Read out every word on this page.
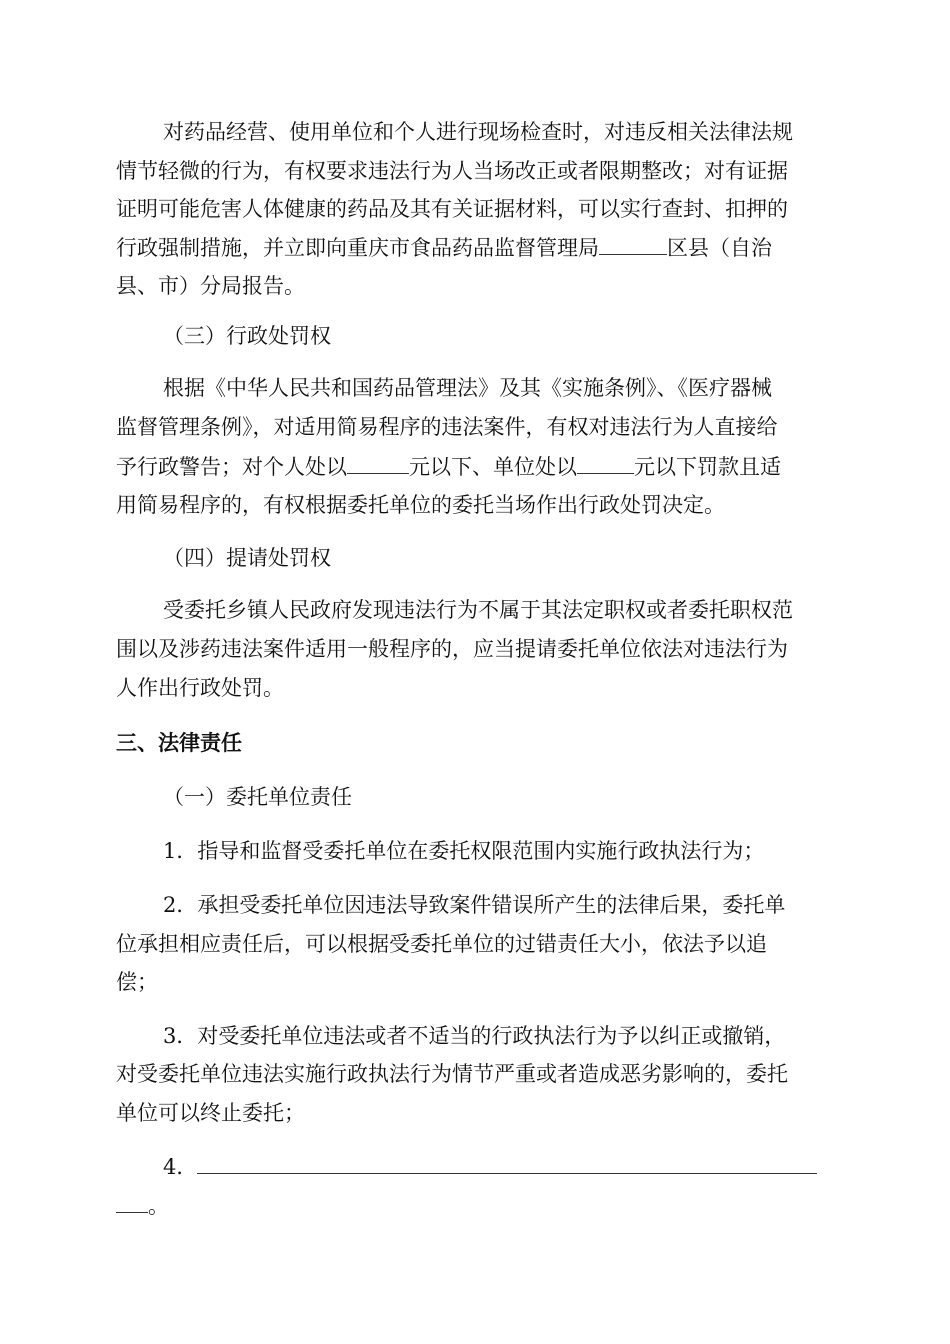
对药品经营、使用单位和个人进行现场检查时，对违反相关法律法规
情节轻微的行为，有权要求违法行为人当场改正或者限期整改；对有证据
证明可能危害人体健康的药品及其有关证据材料，可以实行查封、扣押的
行政强制措施，并立即向重庆市食品药品监督管理局	区县（自治
县、市）分局报告。
（三）行政处罚权
根据《中华人民共和国药品管理法》及其《实施条例》、《医疗器械
监督管理条例》，对适用简易程序的违法案件，有权对违法行为人直接给
予行政警告；对个人处以	元以下、单位处以	元以下罚款且适
用简易程序的，有权根据委托单位的委托当场作出行政处罚决定。
（四）提请处罚权
受委托乡镇人民政府发现违法行为不属于其法定职权或者委托职权范
围以及涉药违法案件适用一般程序的，应当提请委托单位依法对违法行为
人作出行政处罚。
三、法律责任
（一）委托单位责任
1．指导和监督受委托单位在委托权限范围内实施行政执法行为；
2．承担受委托单位因违法导致案件错误所产生的法律后果，委托单
位承担相应责任后，可以根据受委托单位的过错责任大小，依法予以追
偿；
3．对受委托单位违法或者不适当的行政执法行为予以纠正或撤销，
对受委托单位违法实施行政执法行为情节严重或者造成恶劣影响的，委托
单位可以终止委托；
4．
。
